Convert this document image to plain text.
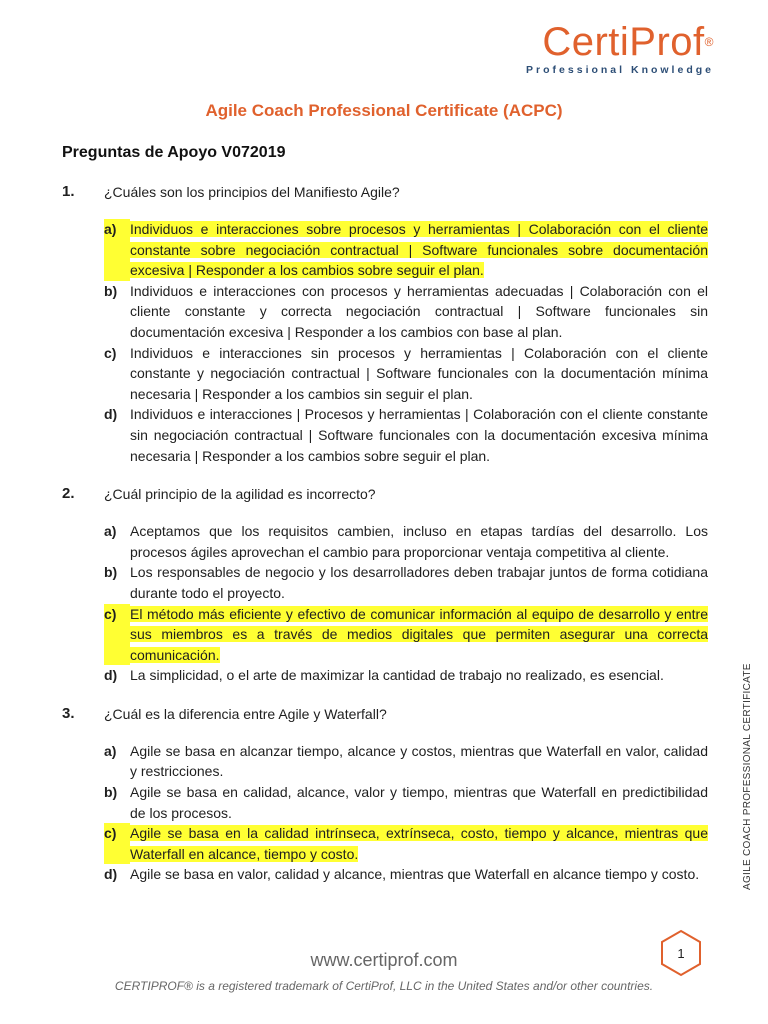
CertiProf®
Professional Knowledge
Agile Coach Professional Certificate (ACPC)
Preguntas de Apoyo V072019
1.	¿Cuáles son los principios del Manifiesto Agile?
a) Individuos e interacciones sobre procesos y herramientas | Colaboración con el cliente constante sobre negociación contractual | Software funcionales sobre documentación excesiva | Responder a los cambios sobre seguir el plan.
b) Individuos e interacciones con procesos y herramientas adecuadas | Colaboración con el cliente constante y correcta negociación contractual | Software funcionales sin documentación excesiva | Responder a los cambios con base al plan.
c) Individuos e interacciones sin procesos y herramientas | Colaboración con el cliente constante y negociación contractual | Software funcionales con la documentación mínima necesaria | Responder a los cambios sin seguir el plan.
d) Individuos e interacciones | Procesos y herramientas | Colaboración con el cliente constante sin negociación contractual | Software funcionales con la documentación excesiva mínima necesaria | Responder a los cambios sobre seguir el plan.
2.	¿Cuál principio de la agilidad es incorrecto?
a) Aceptamos que los requisitos cambien, incluso en etapas tardías del desarrollo. Los procesos ágiles aprovechan el cambio para proporcionar ventaja competitiva al cliente.
b) Los responsables de negocio y los desarrolladores deben trabajar juntos de forma cotidiana durante todo el proyecto.
c) El método más eficiente y efectivo de comunicar información al equipo de desarrollo y entre sus miembros es a través de medios digitales que permiten asegurar una correcta comunicación.
d) La simplicidad, o el arte de maximizar la cantidad de trabajo no realizado, es esencial.
3.	¿Cuál es la diferencia entre Agile y Waterfall?
a) Agile se basa en alcanzar tiempo, alcance y costos, mientras que Waterfall en valor, calidad y restricciones.
b) Agile se basa en calidad, alcance, valor y tiempo, mientras que Waterfall en predictibilidad de los procesos.
c) Agile se basa en la calidad intrínseca, extrínseca, costo, tiempo y alcance, mientras que Waterfall en alcance, tiempo y costo.
d) Agile se basa en valor, calidad y alcance, mientras que Waterfall en alcance tiempo y costo.	AGILE COACH PROFESSIONAL CERTIFICATE
1
www.certiprof.com
CERTIPROF® is a registered trademark of CertiProf, LLC in the United States and/or other countries.
